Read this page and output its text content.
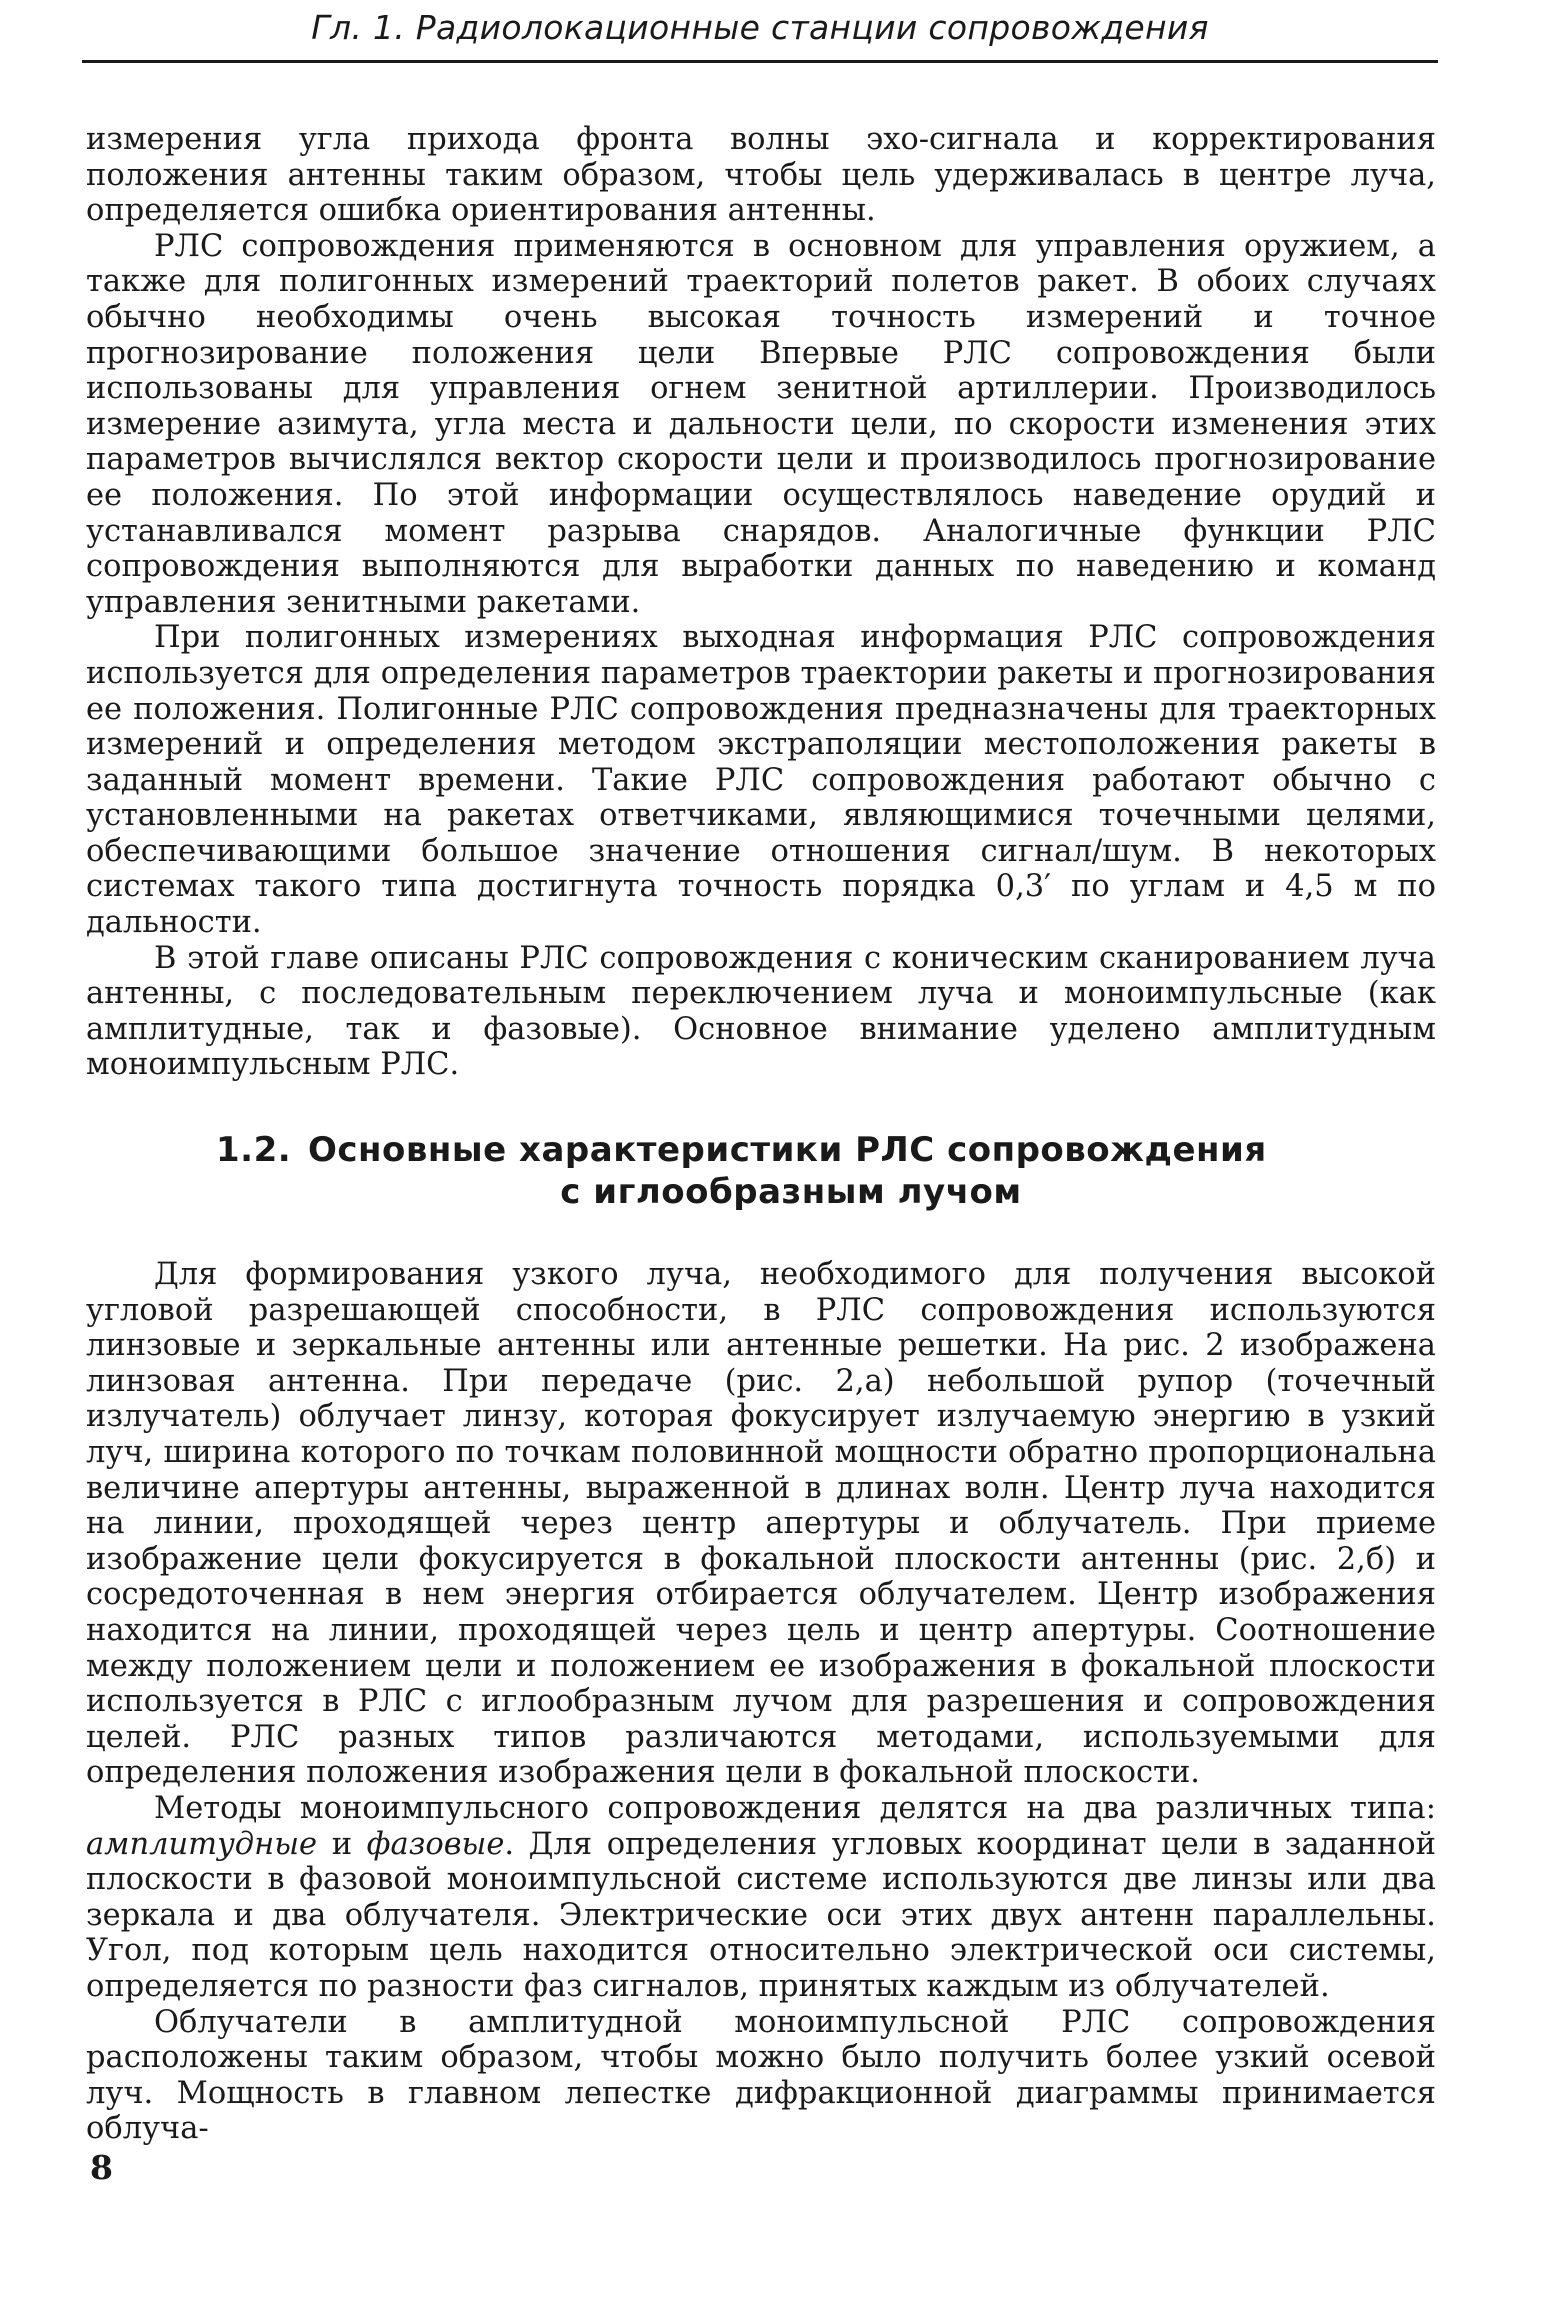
Гл. 1. Радиолокационные станции сопровождения

измерения угла прихода фронта волны эхо-сигнала и корректирования положения антенны таким образом, чтобы цель удерживалась в центре луча, определяется ошибка ориентирования антенны.

РЛС сопровождения применяются в основном для управления оружием, а также для полигонных измерений траекторий полетов ракет. В обоих случаях обычно необходимы очень высокая точность измерений и точное прогнозирование положения цели Впервые РЛС сопровождения были использованы для управления огнем зенитной артиллерии. Производилось измерение азимута, угла места и дальности цели, по скорости изменения этих параметров вычислялся вектор скорости цели и производилось прогнозирование ее положения. По этой информации осуществлялось наведение орудий и устанавливался момент разрыва снарядов. Аналогичные функции РЛС сопровождения выполняются для выработки данных по наведению и команд управления зенитными ракетами.

При полигонных измерениях выходная информация РЛС сопровождения используется для определения параметров траектории ракеты и прогнозирования ее положения. Полигонные РЛС сопровождения предназначены для траекторных измерений и определения методом экстраполяции местоположения ракеты в заданный момент времени. Такие РЛС сопровождения работают обычно с установленными на ракетах ответчиками, являющимися точечными целями, обеспечивающими большое значение отношения сигнал/шум. В некоторых системах такого типа достигнута точность порядка 0,3′ по углам и 4,5 м по дальности.

В этой главе описаны РЛС сопровождения с коническим сканированием луча антенны, с последовательным переключением луча и моноимпульсные (как амплитудные, так и фазовые). Основное внимание уделено амплитудным моноимпульсным РЛС.

1.2. Основные характеристики РЛС сопровождения
с иглообразным лучом

Для формирования узкого луча, необходимого для получения высокой угловой разрешающей способности, в РЛС сопровождения используются линзовые и зеркальные антенны или антенные решетки. На рис. 2 изображена линзовая антенна. При передаче (рис. 2,а) небольшой рупор (точечный излучатель) облучает линзу, которая фокусирует излучаемую энергию в узкий луч, ширина которого по точкам половинной мощности обратно пропорциональна величине апертуры антенны, выраженной в длинах волн. Центр луча находится на линии, проходящей через центр апертуры и облучатель. При приеме изображение цели фокусируется в фокальной плоскости антенны (рис. 2,б) и сосредоточенная в нем энергия отбирается облучателем. Центр изображения находится на линии, проходящей через цель и центр апертуры. Соотношение между положением цели и положением ее изображения в фокальной плоскости используется в РЛС с иглообразным лучом для разрешения и сопровождения целей. РЛС разных типов различаются методами, используемыми для определения положения изображения цели в фокальной плоскости.

Методы моноимпульсного сопровождения делятся на два различных типа: амплитудные и фазовые. Для определения угловых координат цели в заданной плоскости в фазовой моноимпульсной системе используются две линзы или два зеркала и два облучателя. Электрические оси этих двух антенн параллельны. Угол, под которым цель находится относительно электрической оси системы, определяется по разности фаз сигналов, принятых каждым из облучателей.

Облучатели в амплитудной моноимпульсной РЛС сопровождения расположены таким образом, чтобы можно было получить более узкий осевой луч. Мощность в главном лепестке дифракционной диаграммы принимается облуча-

8
